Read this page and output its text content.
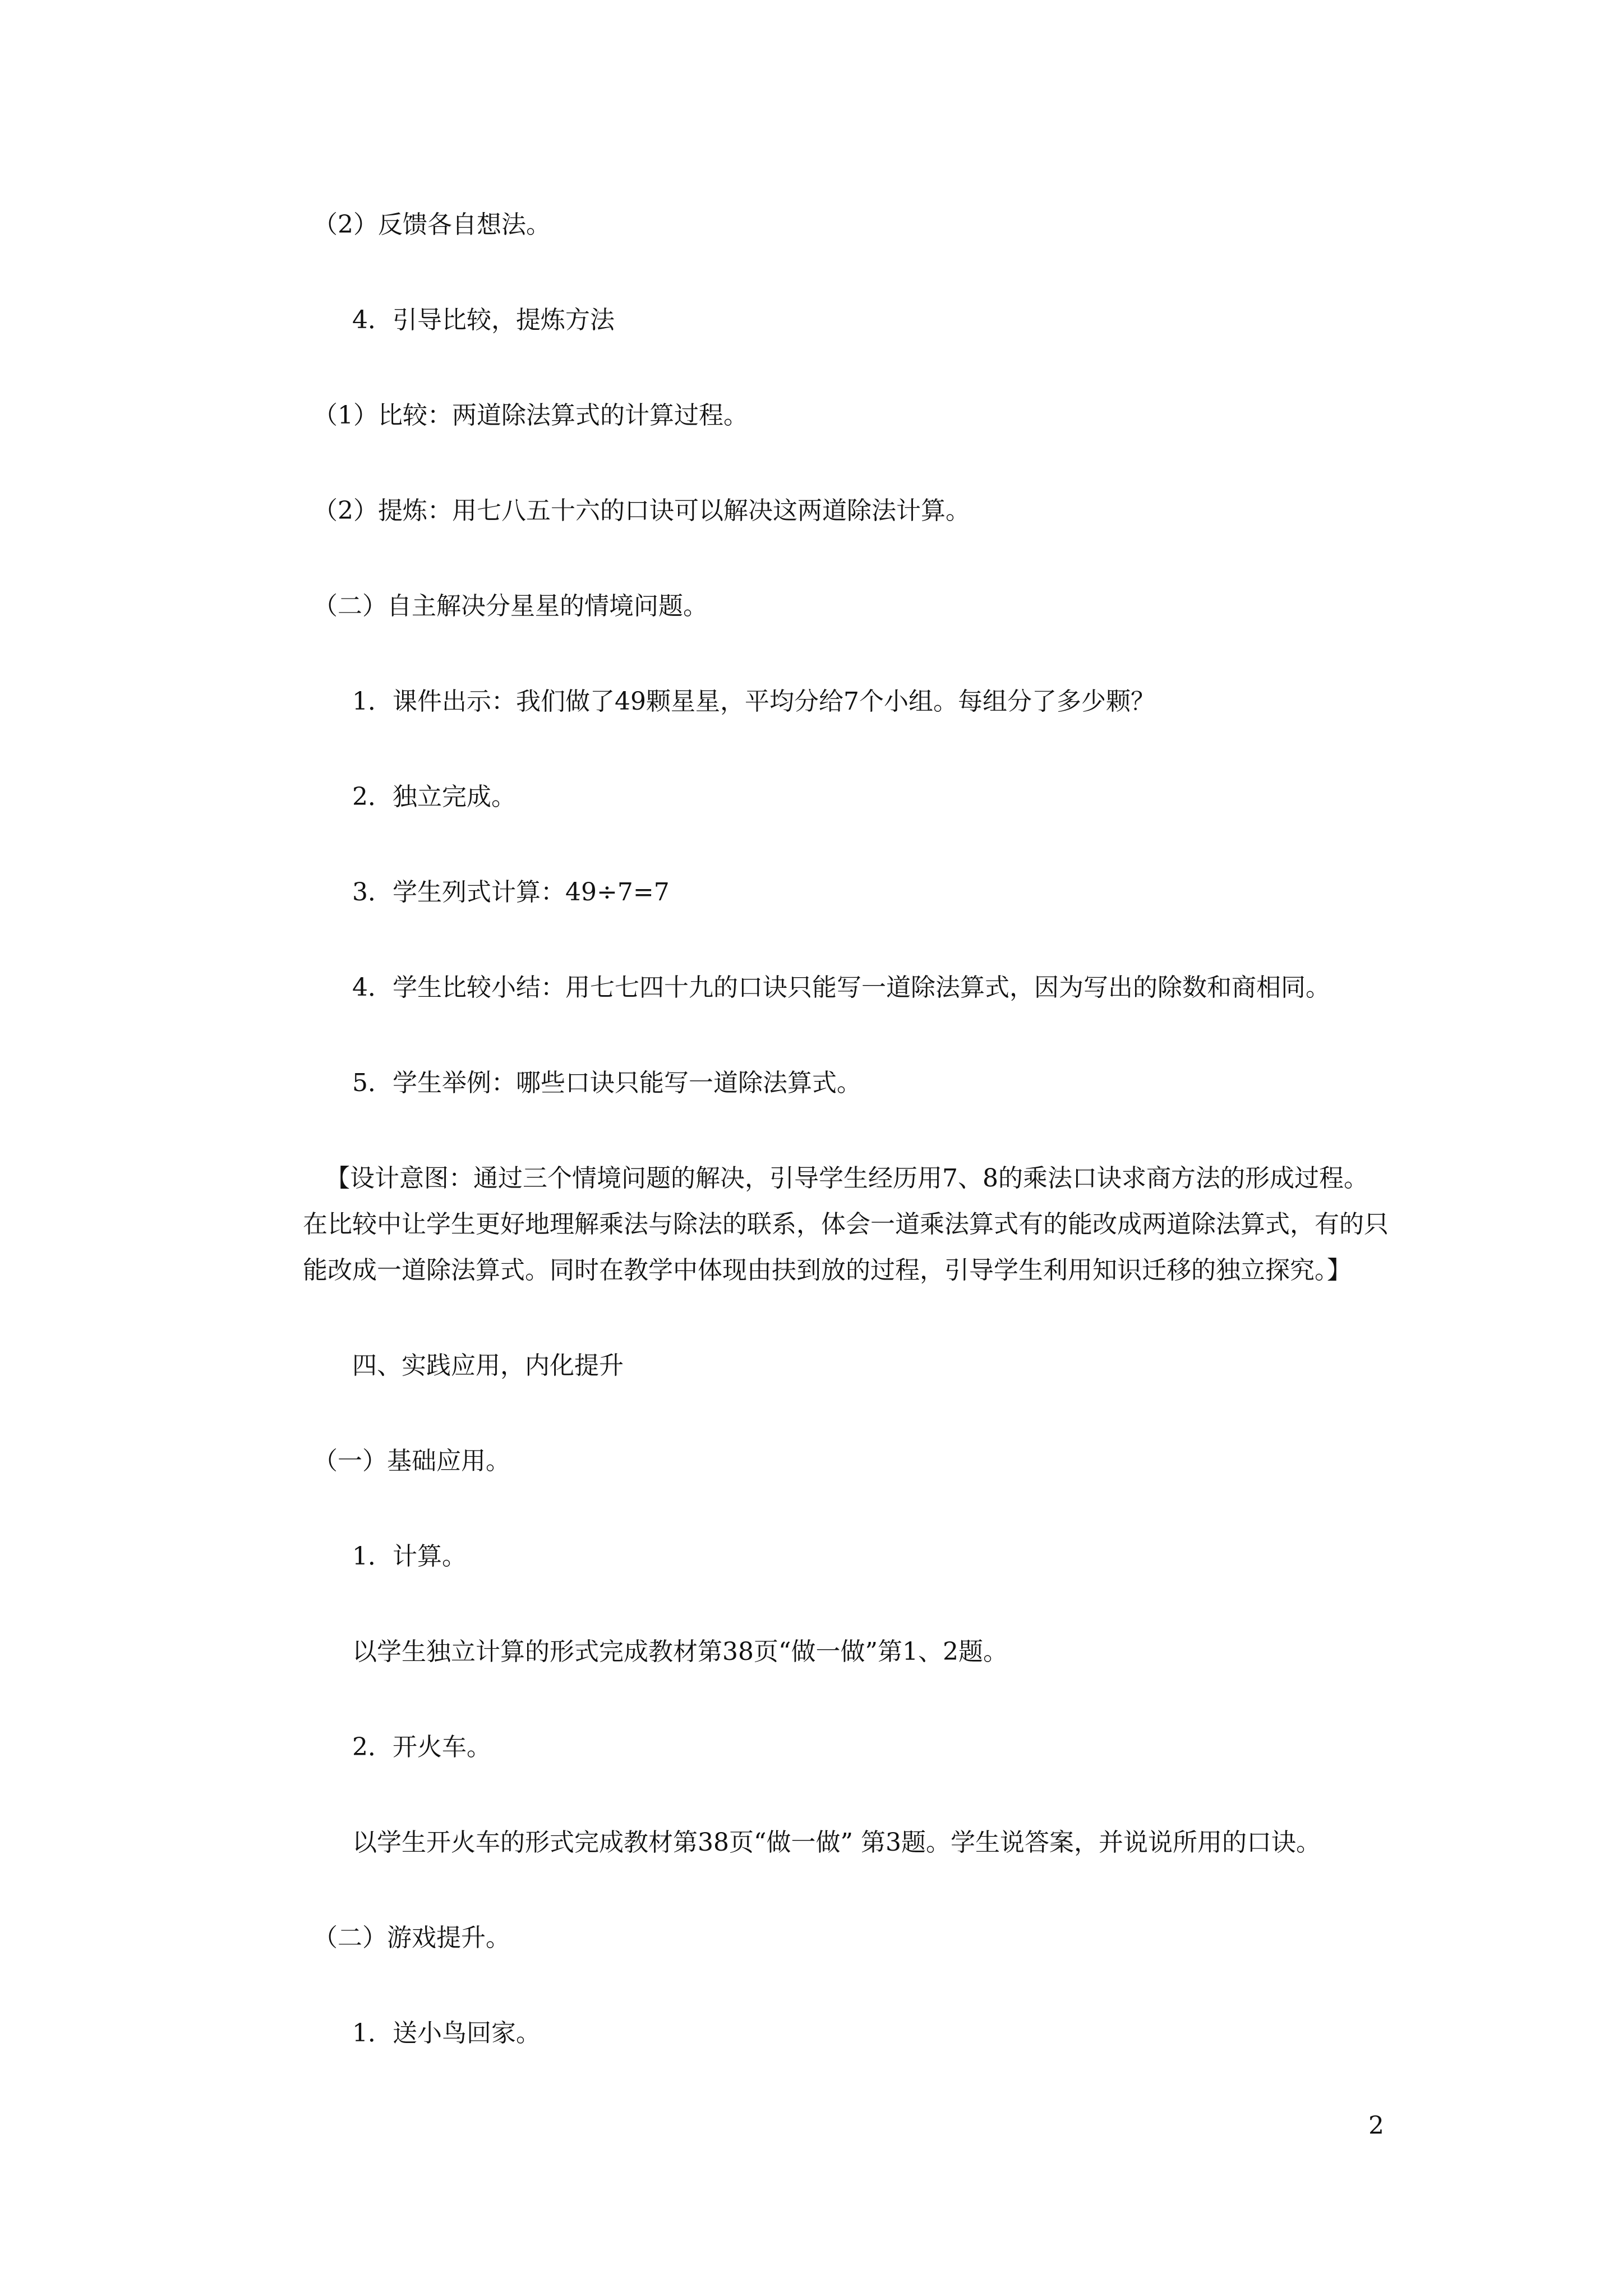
（2）反馈各自想法。

4．引导比较，提炼方法

（1）比较：两道除法算式的计算过程。

（2）提炼：用七八五十六的口诀可以解决这两道除法计算。

（二）自主解决分星星的情境问题。

1．课件出示：我们做了49颗星星，平均分给7个小组。每组分了多少颗？

2．独立完成。

3．学生列式计算：49÷7=7

4．学生比较小结：用七七四十九的口诀只能写一道除法算式，因为写出的除数和商相同。

5．学生举例：哪些口诀只能写一道除法算式。

【设计意图：通过三个情境问题的解决，引导学生经历用7、8的乘法口诀求商方法的形成过程。在比较中让学生更好地理解乘法与除法的联系，体会一道乘法算式有的能改成两道除法算式，有的只能改成一道除法算式。同时在教学中体现由扶到放的过程，引导学生利用知识迁移的独立探究。】

四、实践应用，内化提升

（一）基础应用。

1．计算。

以学生独立计算的形式完成教材第38页“做一做”第1、2题。

2．开火车。

以学生开火车的形式完成教材第38页“做一做” 第3题。学生说答案，并说说所用的口诀。

（二）游戏提升。

1．送小鸟回家。

2
